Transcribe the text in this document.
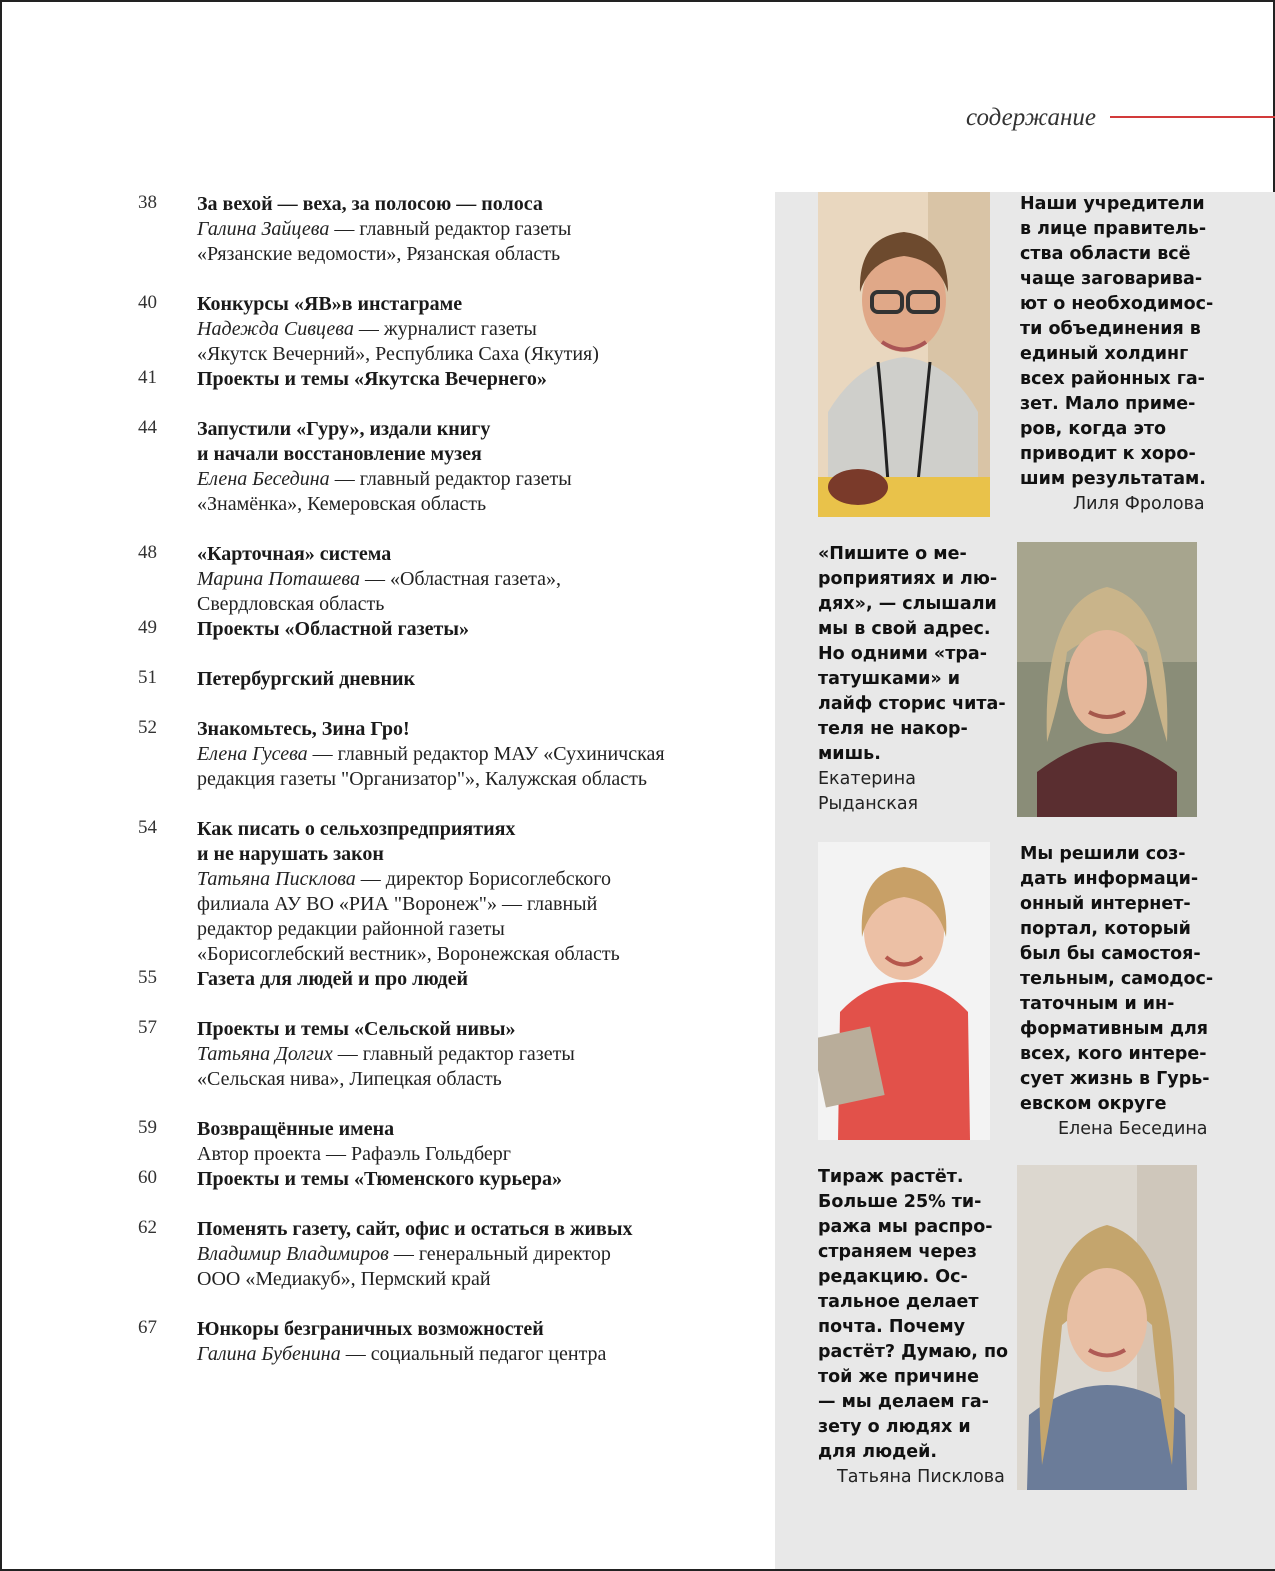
содержание
38 За вехой — веха, за полосою — полоса
Галина Зайцева — главный редактор газеты
«Рязанские ведомости», Рязанская область
40 Конкурсы «ЯВ»в инстаграме
Надежда Сивцева — журналист газеты
«Якутск Вечерний», Республика Саха (Якутия)
41 Проекты и темы «Якутска Вечернего»
44 Запустили «Гуру», издали книгу
и начали восстановление музея
Елена Беседина — главный редактор газеты
«Знамёнка», Кемеровская область
48 «Карточная» система
Марина Поташева — «Областная газета»,
Свердловская область
49 Проекты «Областной газеты»
51 Петербургский дневник
52 Знакомьтесь, Зина Гро!
Елена Гусева — главный редактор МАУ «Сухиничская
редакция газеты "Организатор"», Калужская область
54 Как писать о сельхозпредприятиях
и не нарушать закон
Татьяна Писклова — директор Борисоглебского
филиала АУ ВО «РИА "Воронеж"» — главный
редактор редакции районной газеты
«Борисоглебский вестник», Воронежская область
55 Газета для людей и про людей
57 Проекты и темы «Сельской нивы»
Татьяна Долгих — главный редактор газеты
«Сельская нива», Липецкая область
59 Возвращённые имена
Автор проекта — Рафаэль Гольдберг
60 Проекты и темы «Тюменского курьера»
62 Поменять газету, сайт, офис и остаться в живых
Владимир Владимиров — генеральный директор
ООО «Медиакуб», Пермский край
67 Юнкоры безграничных возможностей
Галина Бубенина — социальный педагог центра
Наши учредители
в лице правитель-
ства области всё
чаще заговарива-
ют о необходимос-
ти объединения в
единый холдинг
всех районных га-
зет. Мало приме-
ров, когда это
приводит к хоро-
шим результатам.
Лиля Фролова
Екатерина
Рыданская
«Пишите о ме-
роприятиях и лю-
дях», — слышали
мы в свой адрес.
Но одними «тра-
татушками» и
лайф сторис чита-
теля не накор-
мишь.
Мы решили соз-
дать информаци-
онный интернет-
портал, который
был бы самостоя-
тельным, самодос-
таточным и ин-
формативным для
всех, кого интере-
сует жизнь в Гурь-
евском округе
Елена Беседина
Тираж растёт.
Больше 25% ти-
ража мы распро-
страняем через
редакцию. Ос-
тальное делает
почта. Почему
растёт? Думаю, по
той же причине
— мы делаем га-
зету о людях и
для людей.
Татьяна Писклова
